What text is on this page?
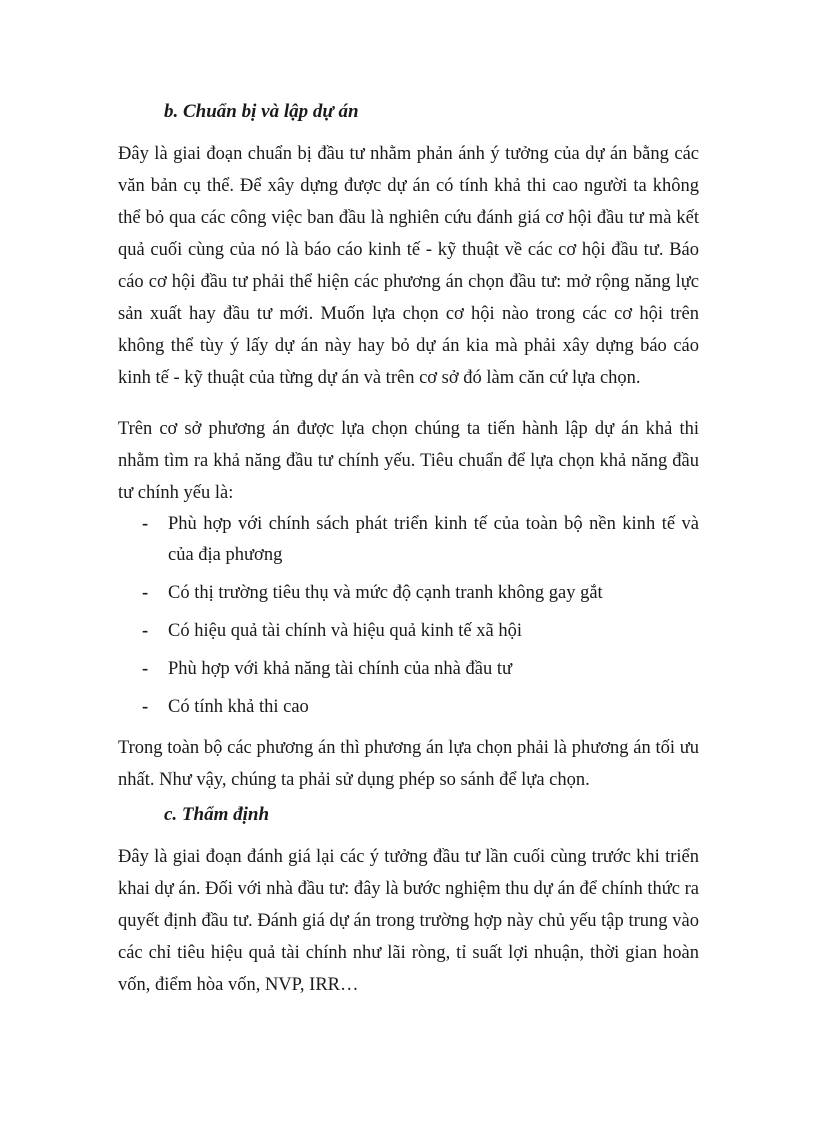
b. Chuẩn bị và lập dự án

Đây là giai đoạn chuẩn bị đầu tư nhằm phản ánh ý tưởng của dự án bằng các văn bản cụ thể. Để xây dựng được dự án có tính khả thi cao người ta không thể bỏ qua các công việc ban đầu là nghiên cứu đánh giá cơ hội đầu tư mà kết quả cuối cùng của nó là báo cáo kinh tế - kỹ thuật về các cơ hội đầu tư. Báo cáo cơ hội đầu tư phải thể hiện các phương án chọn đầu tư: mở rộng năng lực sản xuất hay đầu tư mới. Muốn lựa chọn cơ hội nào trong các cơ hội trên không thể tùy ý lấy dự án này hay bỏ dự án kia mà phải xây dựng báo cáo kinh tế - kỹ thuật của từng dự án và trên cơ sở đó làm căn cứ lựa chọn.

Trên cơ sở phương án được lựa chọn chúng ta tiến hành lập dự án khả thi nhằm tìm ra khả năng đầu tư chính yếu. Tiêu chuẩn để lựa chọn khả năng đầu tư chính yếu là:

- Phù hợp với chính sách phát triển kinh tế của toàn bộ nền kinh tế và của địa phương
- Có thị trường tiêu thụ và mức độ cạnh tranh không gay gắt
- Có hiệu quả tài chính và hiệu quả kinh tế xã hội
- Phù hợp với khả năng tài chính của nhà đầu tư
- Có tính khả thi cao

Trong toàn bộ các phương án thì phương án lựa chọn phải là phương án tối ưu nhất. Như vậy, chúng ta phải sử dụng phép so sánh để lựa chọn.

c. Thẩm định

Đây là giai đoạn đánh giá lại các ý tưởng đầu tư lần cuối cùng trước khi triển khai dự án. Đối với nhà đầu tư: đây là bước nghiệm thu dự án để chính thức ra quyết định đầu tư. Đánh giá dự án trong trường hợp này chủ yếu tập trung vào các chỉ tiêu hiệu quả tài chính như lãi ròng, tỉ suất lợi nhuận, thời gian hoàn vốn, điểm hòa vốn, NVP, IRR…
